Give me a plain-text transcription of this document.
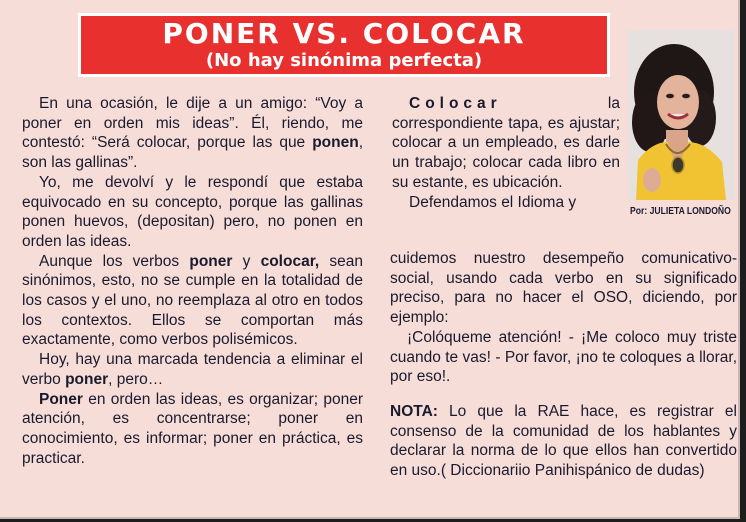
PONER VS. COLOCAR
(No hay sinónima perfecta)
Por: JULIETA LONDOÑO

En una ocasión, le dije a un amigo: “Voy a poner en orden mis ideas”. Él, riendo, me contestó: “Será colocar, porque las que ponen, son las gallinas”.

Yo, me devolví y le respondí que estaba equivocado en su concepto, porque las gallinas ponen huevos, (depositan) pero, no ponen en orden las ideas.

Aunque los verbos poner y colocar, sean sinónimos, esto, no se cumple en la totalidad de los casos y el uno, no reemplaza al otro en todos los contextos. Ellos se comportan más exactamente, como verbos polisémicos.

Hoy, hay una marcada tendencia a eliminar el verbo poner, pero…

Poner en orden las ideas, es organizar; poner atención, es concentrarse; poner en conocimiento, es informar; poner en práctica, es practicar.

Colocar la correspondiente tapa, es ajustar; colocar a un empleado, es darle un trabajo; colocar cada libro en su estante, es ubicación.

Defendamos el Idioma y

cuidemos nuestro desempeño comunicativo-social, usando cada verbo en su significado preciso, para no hacer el OSO, diciendo, por ejemplo:

¡Colóqueme atención! - ¡Me coloco muy triste cuando te vas! - Por favor, ¡no te coloques a llorar, por eso!.

NOTA: Lo que la RAE hace, es registrar el consenso de la comunidad de los hablantes y declarar la norma de lo que ellos han convertido en uso.( Diccionariio Panihispánico de dudas)
